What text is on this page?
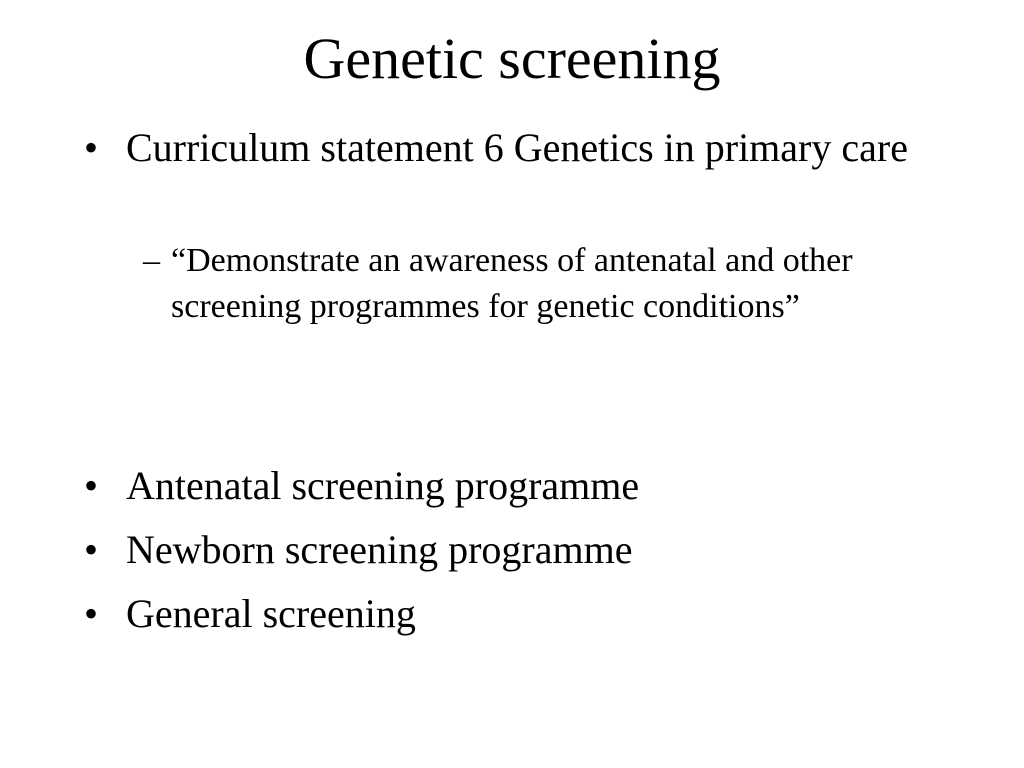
Genetic screening
• Curriculum statement 6 Genetics in primary care
– “Demonstrate an awareness of antenatal and other screening programmes for genetic conditions”
• Antenatal screening programme
• Newborn screening programme
• General screening
